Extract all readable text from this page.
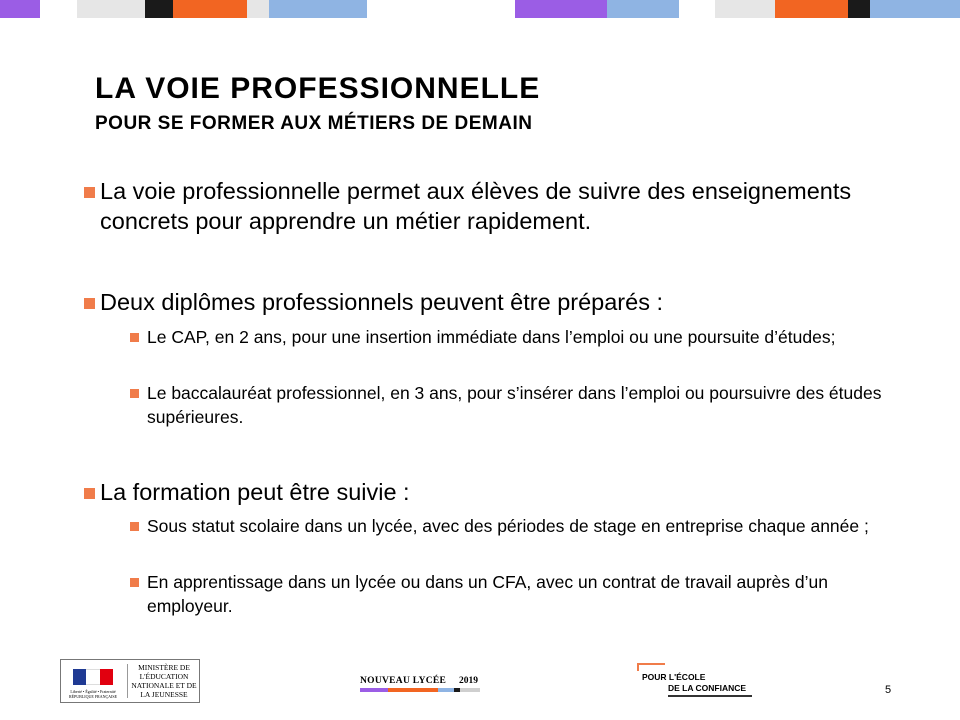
LA VOIE PROFESSIONNELLE
POUR SE FORMER AUX MÉTIERS DE DEMAIN
La voie professionnelle permet aux élèves de suivre des enseignements concrets pour apprendre un métier rapidement.
Deux diplômes professionnels peuvent être préparés :
Le CAP, en 2 ans, pour une insertion immédiate dans l’emploi ou une poursuite d’études;
Le baccalauréat professionnel, en 3 ans, pour s’insérer dans l’emploi ou poursuivre des études supérieures.
La formation peut être suivie :
Sous statut scolaire dans un lycée, avec des périodes de stage en entreprise chaque année ;
En apprentissage dans un lycée ou dans un CFA, avec un contrat de travail auprès d’un employeur.
Liberté • Égalité • Fraternité RÉPUBLIQUE FRANÇAISE
MINISTÈRE DE L'ÉDUCATION NATIONALE ET DE LA JEUNESSE
NOUVEAU LYCÉE 2019	POUR L'ÉCOLE
DE LA CONFIANCE	5
